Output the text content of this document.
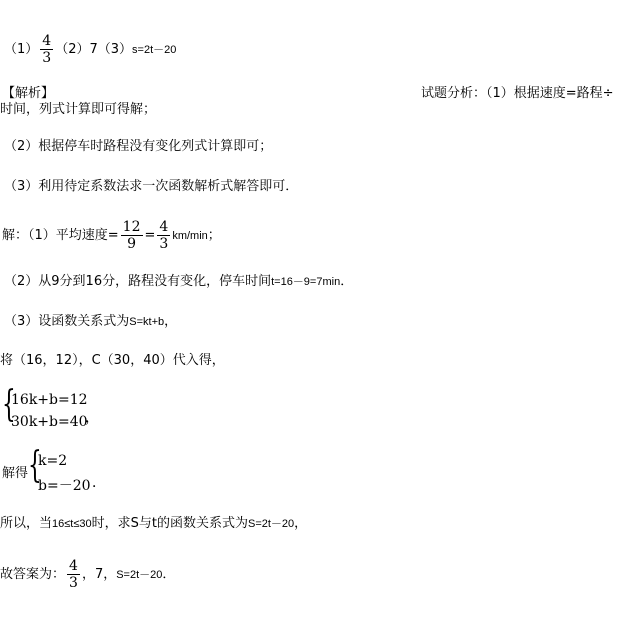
$(1) \frac{4}{3} (2)7(3)s=2t-20$
【解析】	试题分析：（1）根据速度=路程÷
时间，列式计算即可得解；
（2）根据停车时路程没有变化列式计算即可；
（3）利用待定系数法求一次函数解析式解答即可．
解：（1）平均速度= $\frac{12}{9} = \frac{4}{3} km/\min$；
（2）从9分到16分，路程没有变化，停车时间t=16－9=7min．
（3）设函数关系式为S=kt+b，
将（16，12），C（30，40）代入得，
{
16k+b=12
30k+b=40
，
解得 {
k=2
b=－20 ．
所以，当16≤t≤30时，求S与t的函数关系式为S=2t－20，
故答案为： $\frac{4}{3}$ ，7，S=2t－20．
